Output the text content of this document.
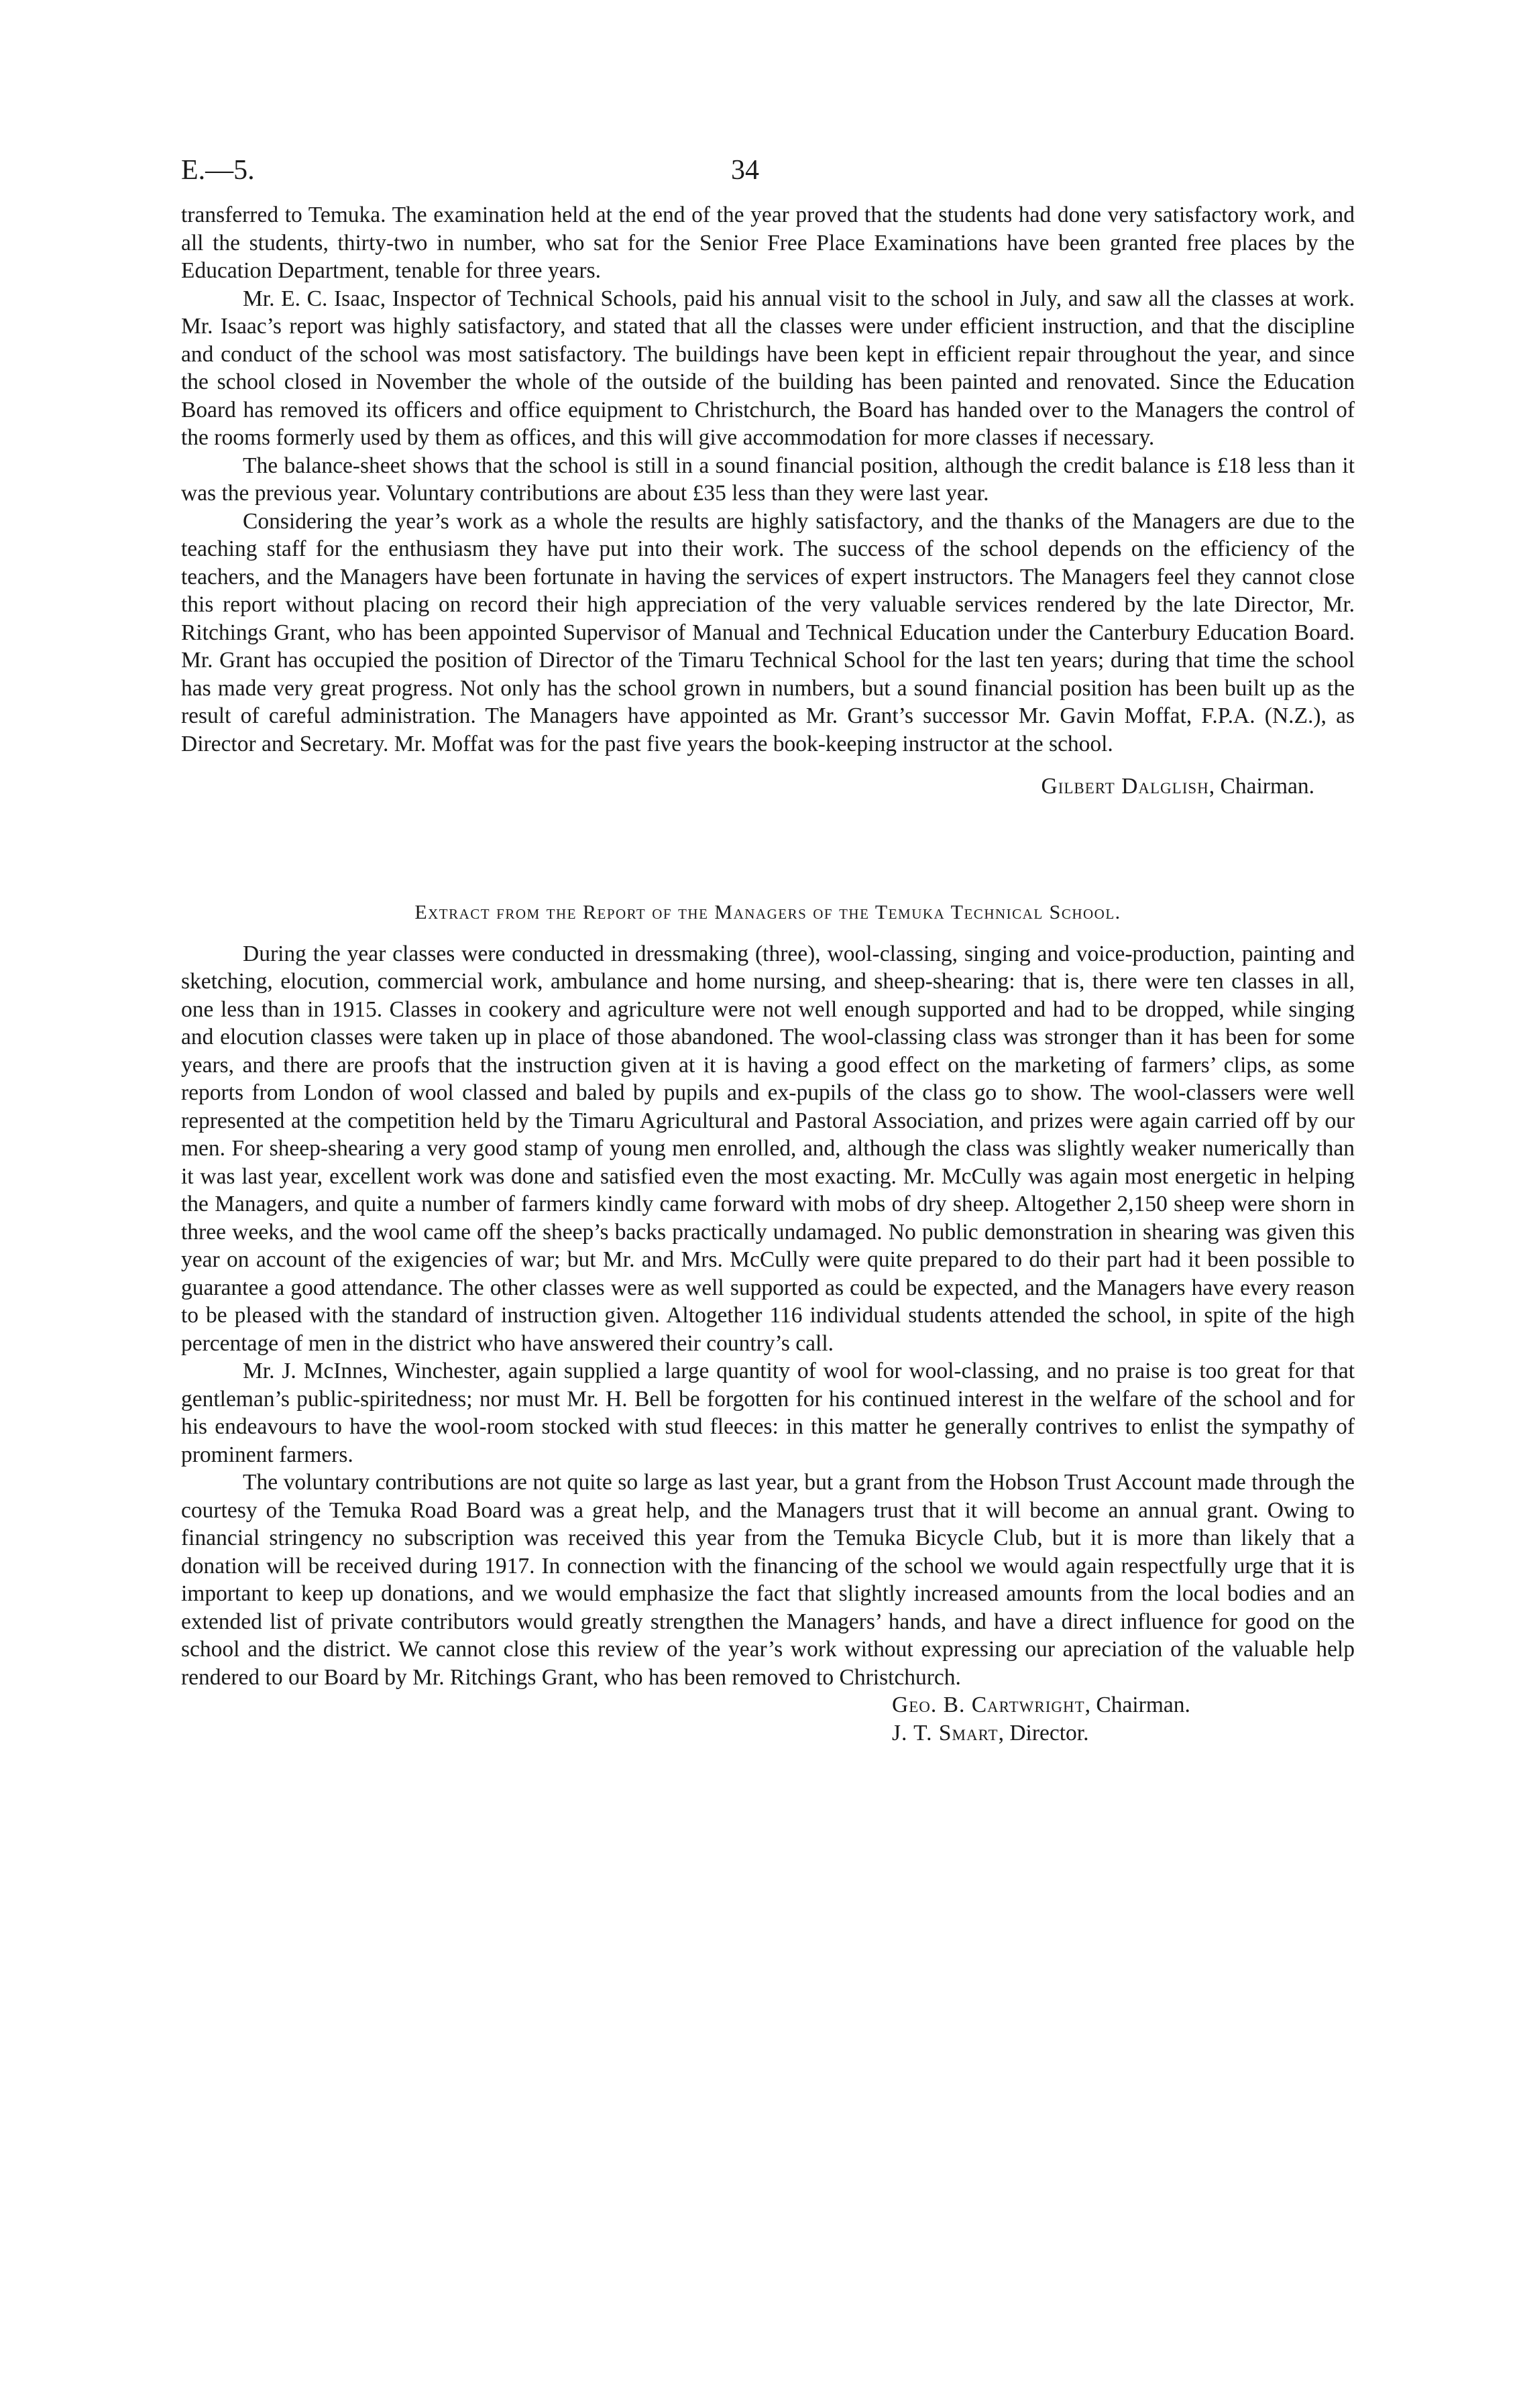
E.—5.	34

transferred to Temuka. The examination held at the end of the year proved that the students had done very satisfactory work, and all the students, thirty-two in number, who sat for the Senior Free Place Examinations have been granted free places by the Education Department, tenable for three years.

Mr. E. C. Isaac, Inspector of Technical Schools, paid his annual visit to the school in July, and saw all the classes at work. Mr. Isaac’s report was highly satisfactory, and stated that all the classes were under efficient instruction, and that the discipline and conduct of the school was most satisfactory. The buildings have been kept in efficient repair throughout the year, and since the school closed in November the whole of the outside of the building has been painted and renovated. Since the Education Board has removed its officers and office equipment to Christchurch, the Board has handed over to the Managers the control of the rooms formerly used by them as offices, and this will give accommodation for more classes if necessary.

The balance-sheet shows that the school is still in a sound financial position, although the credit balance is £18 less than it was the previous year. Voluntary contributions are about £35 less than they were last year.

Considering the year’s work as a whole the results are highly satisfactory, and the thanks of the Managers are due to the teaching staff for the enthusiasm they have put into their work. The success of the school depends on the efficiency of the teachers, and the Managers have been fortunate in having the services of expert instructors. The Managers feel they cannot close this report without placing on record their high appreciation of the very valuable services rendered by the late Director, Mr. Ritchings Grant, who has been appointed Supervisor of Manual and Technical Education under the Canterbury Education Board. Mr. Grant has occupied the position of Director of the Timaru Technical School for the last ten years; during that time the school has made very great progress. Not only has the school grown in numbers, but a sound financial position has been built up as the result of careful administration. The Managers have appointed as Mr. Grant’s successor Mr. Gavin Moffat, F.P.A. (N.Z.), as Director and Secretary. Mr. Moffat was for the past five years the book-keeping instructor at the school.

Gilbert Dalglish, Chairman.
Extract from the Report of the Managers of the Temuka Technical School.

During the year classes were conducted in dressmaking (three), wool-classing, singing and voice-production, painting and sketching, elocution, commercial work, ambulance and home nursing, and sheep-shearing: that is, there were ten classes in all, one less than in 1915. Classes in cookery and agriculture were not well enough supported and had to be dropped, while singing and elocution classes were taken up in place of those abandoned. The wool-classing class was stronger than it has been for some years, and there are proofs that the instruction given at it is having a good effect on the marketing of farmers’ clips, as some reports from London of wool classed and baled by pupils and ex-pupils of the class go to show. The wool-classers were well represented at the competition held by the Timaru Agricultural and Pastoral Association, and prizes were again carried off by our men. For sheep-shearing a very good stamp of young men enrolled, and, although the class was slightly weaker numerically than it was last year, excellent work was done and satisfied even the most exacting. Mr. McCully was again most energetic in helping the Managers, and quite a number of farmers kindly came forward with mobs of dry sheep. Altogether 2,150 sheep were shorn in three weeks, and the wool came off the sheep’s backs practically undamaged. No public demonstration in shearing was given this year on account of the exigencies of war; but Mr. and Mrs. McCully were quite prepared to do their part had it been possible to guarantee a good attendance. The other classes were as well supported as could be expected, and the Managers have every reason to be pleased with the standard of instruction given. Altogether 116 individual students attended the school, in spite of the high percentage of men in the district who have answered their country’s call.

Mr. J. McInnes, Winchester, again supplied a large quantity of wool for wool-classing, and no praise is too great for that gentleman’s public-spiritedness; nor must Mr. H. Bell be forgotten for his continued interest in the welfare of the school and for his endeavours to have the wool-room stocked with stud fleeces: in this matter he generally contrives to enlist the sympathy of prominent farmers.

The voluntary contributions are not quite so large as last year, but a grant from the Hobson Trust Account made through the courtesy of the Temuka Road Board was a great help, and the Managers trust that it will become an annual grant. Owing to financial stringency no subscription was received this year from the Temuka Bicycle Club, but it is more than likely that a donation will be received during 1917. In connection with the financing of the school we would again respectfully urge that it is important to keep up donations, and we would emphasize the fact that slightly increased amounts from the local bodies and an extended list of private contributors would greatly strengthen the Managers’ hands, and have a direct influence for good on the school and the district. We cannot close this review of the year’s work without expressing our apreciation of the valuable help rendered to our Board by Mr. Ritchings Grant, who has been removed to Christchurch.

Geo. B. Cartwright, Chairman.
J. T. Smart, Director.
